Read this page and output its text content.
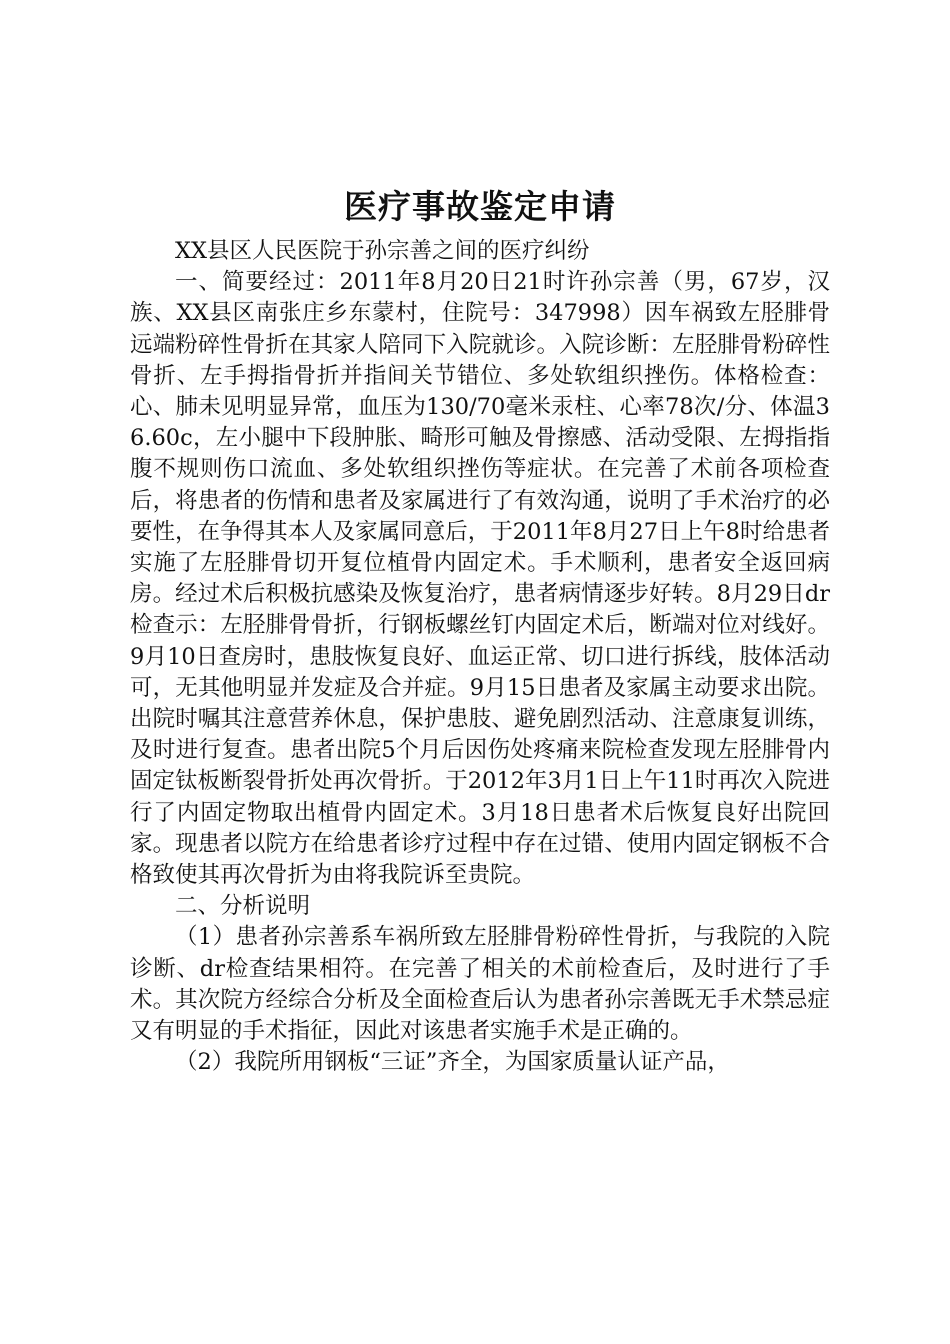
医疗事故鉴定申请

XX县区人民医院于孙宗善之间的医疗纠纷

一、简要经过：2011年8月20日21时许孙宗善（男，67岁，汉族、XX县区南张庄乡东蒙村，住院号：347998）因车祸致左胫腓骨远端粉碎性骨折在其家人陪同下入院就诊。入院诊断：左胫腓骨粉碎性骨折、左手拇指骨折并指间关节错位、多处软组织挫伤。体格检查：心、肺未见明显异常，血压为130/70毫米汞柱、心率78次/分、体温36.60c，左小腿中下段肿胀、畸形可触及骨擦感、活动受限、左拇指指腹不规则伤口流血、多处软组织挫伤等症状。在完善了术前各项检查后，将患者的伤情和患者及家属进行了有效沟通，说明了手术治疗的必要性，在争得其本人及家属同意后，于2011年8月27日上午8时给患者实施了左胫腓骨切开复位植骨内固定术。手术顺利，患者安全返回病房。经过术后积极抗感染及恢复治疗，患者病情逐步好转。8月29日dr检查示：左胫腓骨骨折，行钢板螺丝钉内固定术后，断端对位对线好。9月10日查房时，患肢恢复良好、血运正常、切口进行拆线，肢体活动可，无其他明显并发症及合并症。9月15日患者及家属主动要求出院。出院时嘱其注意营养休息，保护患肢、避免剧烈活动、注意康复训练，及时进行复查。患者出院5个月后因伤处疼痛来院检查发现左胫腓骨内固定钛板断裂骨折处再次骨折。于2012年3月1日上午11时再次入院进行了内固定物取出植骨内固定术。3月18日患者术后恢复良好出院回家。现患者以院方在给患者诊疗过程中存在过错、使用内固定钢板不合格致使其再次骨折为由将我院诉至贵院。

二、分析说明

（1）患者孙宗善系车祸所致左胫腓骨粉碎性骨折，与我院的入院诊断、dr检查结果相符。在完善了相关的术前检查后，及时进行了手术。其次院方经综合分析及全面检查后认为患者孙宗善既无手术禁忌症又有明显的手术指征，因此对该患者实施手术是正确的。

（2）我院所用钢板“三证”齐全，为国家质量认证产品，
